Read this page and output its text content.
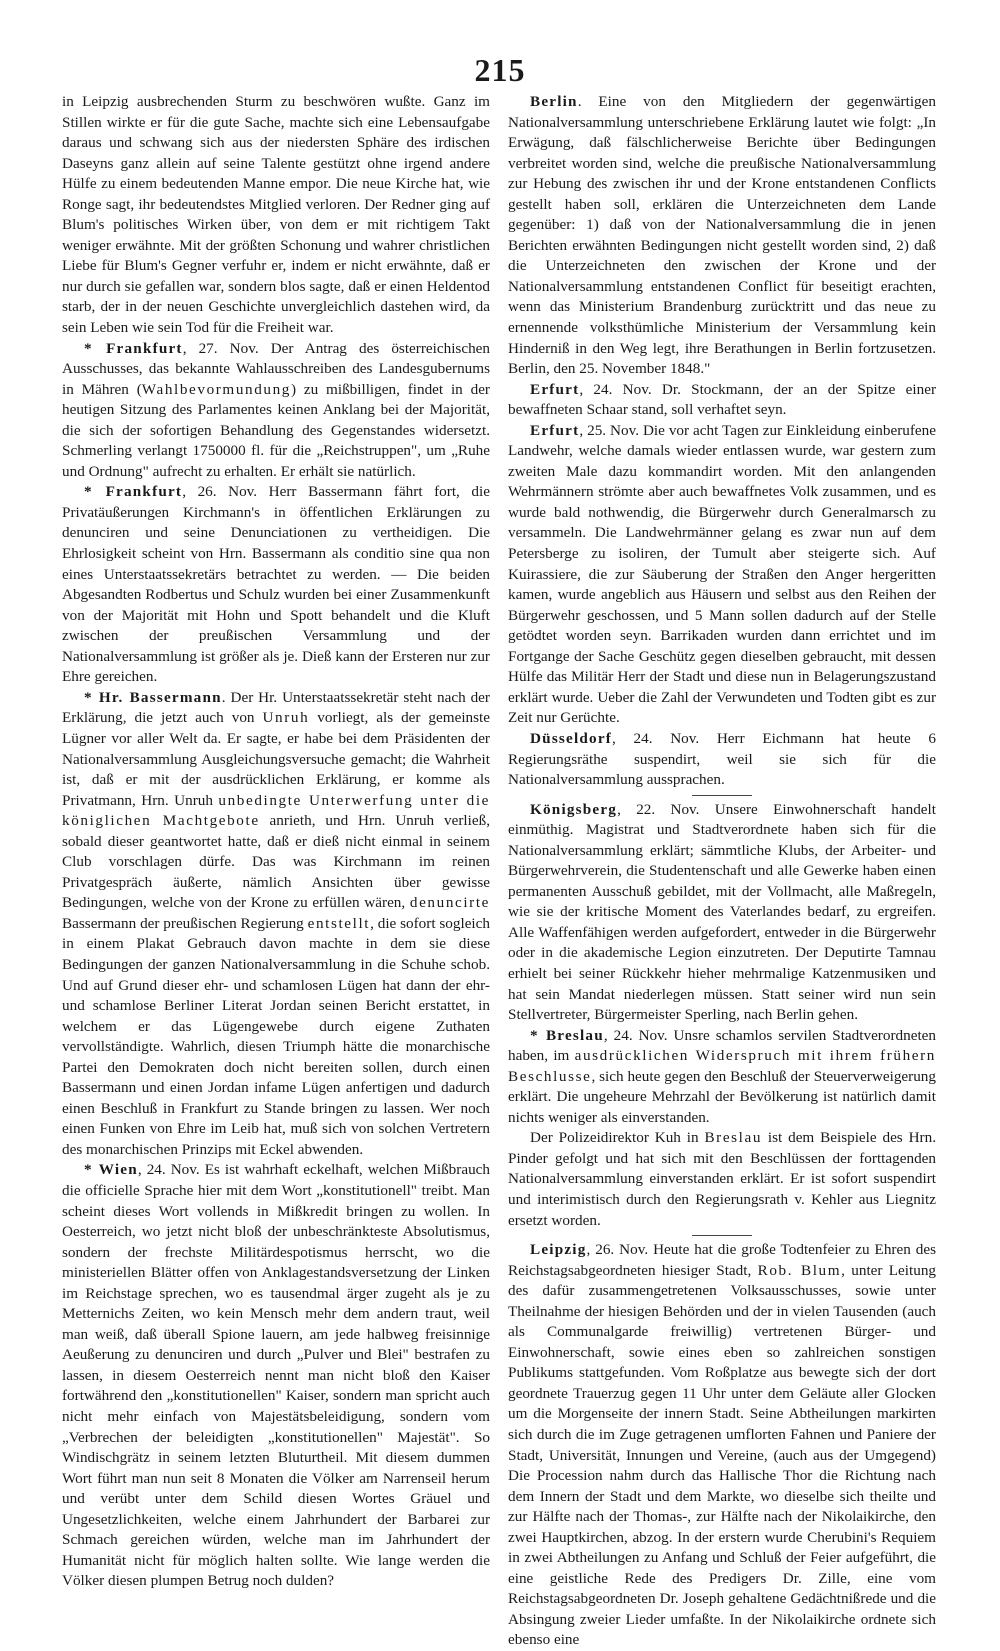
215

in Leipzig ausbrechenden Sturm zu beschwören wußte. Ganz im Stillen wirkte er für die gute Sache, machte sich eine Lebensaufgabe daraus und schwang sich aus der niedersten Sphäre des irdischen Daseyns ganz allein auf seine Talente gestützt ohne irgend andere Hülfe zu einem bedeutenden Manne empor. Die neue Kirche hat, wie Ronge sagt, ihr bedeutendstes Mitglied verloren. Der Redner ging auf Blum's politisches Wirken über, von dem er mit richtigem Takt weniger erwähnte. Mit der größten Schonung und wahrer christlichen Liebe für Blum's Gegner verfuhr er, indem er nicht erwähnte, daß er nur durch sie gefallen war, sondern blos sagte, daß er einen Heldentod starb, der in der neuen Geschichte unvergleichlich dastehen wird, da sein Leben wie sein Tod für die Freiheit war.

* Frankfurt, 27. Nov. Der Antrag des österreichischen Ausschusses, das bekannte Wahlausschreiben des Landesgubernums in Mähren (Wahlbevormundung) zu mißbilligen, findet in der heutigen Sitzung des Parlamentes keinen Anklang bei der Majorität, die sich der sofortigen Behandlung des Gegenstandes widersetzt. Schmerling verlangt 1750000 fl. für die „Reichstruppen", um „Ruhe und Ordnung" aufrecht zu erhalten. Er erhält sie natürlich.

* Frankfurt, 26. Nov. Herr Bassermann fährt fort, die Privatäußerungen Kirchmann's in öffentlichen Erklärungen zu denunciren und seine Denunciationen zu vertheidigen. Die Ehrlosigkeit scheint von Hrn. Bassermann als conditio sine qua non eines Unterstaatssekretärs betrachtet zu werden. — Die beiden Abgesandten Rodbertus und Schulz wurden bei einer Zusammenkunft von der Majorität mit Hohn und Spott behandelt und die Kluft zwischen der preußischen Versammlung und der Nationalversammlung ist größer als je. Dieß kann der Ersteren nur zur Ehre gereichen.

* Hr. Bassermann. Der Hr. Unterstaatssekretär steht nach der Erklärung, die jetzt auch von Unruh vorliegt, als der gemeinste Lügner vor aller Welt da. Er sagte, er habe bei dem Präsidenten der Nationalversammlung Ausgleichungsversuche gemacht; die Wahrheit ist, daß er mit der ausdrücklichen Erklärung, er komme als Privatmann, Hrn. Unruh unbedingte Unterwerfung unter die königlichen Machtgebote anrieth, und Hrn. Unruh verließ, sobald dieser geantwortet hatte, daß er dieß nicht einmal in seinem Club vorschlagen dürfe. Das was Kirchmann im reinen Privatgespräch äußerte, nämlich Ansichten über gewisse Bedingungen, welche von der Krone zu erfüllen wären, denuncirte Bassermann der preußischen Regierung entstellt, die sofort sogleich in einem Plakat Gebrauch davon machte in dem sie diese Bedingungen der ganzen Nationalversammlung in die Schuhe schob. Und auf Grund dieser ehr- und schamlosen Lügen hat dann der ehr- und schamlose Berliner Literat Jordan seinen Bericht erstattet, in welchem er das Lügengewebe durch eigene Zuthaten vervollständigte. Wahrlich, diesen Triumph hätte die monarchische Partei den Demokraten doch nicht bereiten sollen, durch einen Bassermann und einen Jordan infame Lügen anfertigen und dadurch einen Beschluß in Frankfurt zu Stande bringen zu lassen. Wer noch einen Funken von Ehre im Leib hat, muß sich von solchen Vertretern des monarchischen Prinzips mit Eckel abwenden.

* Wien, 24. Nov. Es ist wahrhaft eckelhaft, welchen Mißbrauch die officielle Sprache hier mit dem Wort „konstitutionell" treibt. Man scheint dieses Wort vollends in Mißkredit bringen zu wollen. In Oesterreich, wo jetzt nicht bloß der unbeschränkteste Absolutismus, sondern der frechste Militärdespotismus herrscht, wo die ministeriellen Blätter offen von Anklagestandsversetzung der Linken im Reichstage sprechen, wo es tausendmal ärger zugeht als je zu Metternichs Zeiten, wo kein Mensch mehr dem andern traut, weil man weiß, daß überall Spione lauern, am jede halbweg freisinnige Aeußerung zu denunciren und durch „Pulver und Blei" bestrafen zu lassen, in diesem Oesterreich nennt man nicht bloß den Kaiser fortwährend den „konstitutionellen" Kaiser, sondern man spricht auch nicht mehr einfach von Majestätsbeleidigung, sondern vom „Verbrechen der beleidigten „konstitutionellen" Majestät". So Windischgrätz in seinem letzten Bluturtheil. Mit diesem dummen Wort führt man nun seit 8 Monaten die Völker am Narrenseil herum und verübt unter dem Schild diesen Wortes Gräuel und Ungesetzlichkeiten, welche einem Jahrhundert der Barbarei zur Schmach gereichen würden, welche man im Jahrhundert der Humanität nicht für möglich halten sollte. Wie lange werden die Völker diesen plumpen Betrug noch dulden?

Berlin. Eine von den Mitgliedern der gegenwärtigen Nationalversammlung unterschriebene Erklärung lautet wie folgt: „In Erwägung, daß fälschlicherweise Berichte über Bedingungen verbreitet worden sind, welche die preußische Nationalversammlung zur Hebung des zwischen ihr und der Krone entstandenen Conflicts gestellt haben soll, erklären die Unterzeichneten dem Lande gegenüber: 1) daß von der Nationalversammlung die in jenen Berichten erwähnten Bedingungen nicht gestellt worden sind, 2) daß die Unterzeichneten den zwischen der Krone und der Nationalversammlung entstandenen Conflict für beseitigt erachten, wenn das Ministerium Brandenburg zurücktritt und das neue zu ernennende volksthümliche Ministerium der Versammlung kein Hinderniß in den Weg legt, ihre Berathungen in Berlin fortzusetzen. Berlin, den 25. November 1848."

Erfurt, 24. Nov. Dr. Stockmann, der an der Spitze einer bewaffneten Schaar stand, soll verhaftet seyn.

Erfurt, 25. Nov. Die vor acht Tagen zur Einkleidung einberufene Landwehr, welche damals wieder entlassen wurde, war gestern zum zweiten Male dazu kommandirt worden. Mit den anlangenden Wehrmännern strömte aber auch bewaffnetes Volk zusammen, und es wurde bald nothwendig, die Bürgerwehr durch Generalmarsch zu versammeln. Die Landwehrmänner gelang es zwar nun auf dem Petersberge zu isoliren, der Tumult aber steigerte sich. Auf Kuirassiere, die zur Säuberung der Straßen den Anger hergeritten kamen, wurde angeblich aus Häusern und selbst aus den Reihen der Bürgerwehr geschossen, und 5 Mann sollen dadurch auf der Stelle getödtet worden seyn. Barrikaden wurden dann errichtet und im Fortgange der Sache Geschütz gegen dieselben gebraucht, mit dessen Hülfe das Militär Herr der Stadt und diese nun in Belagerungszustand erklärt wurde. Ueber die Zahl der Verwundeten und Todten gibt es zur Zeit nur Gerüchte.

Düsseldorf, 24. Nov. Herr Eichmann hat heute 6 Regierungsräthe suspendirt, weil sie sich für die Nationalversammlung aussprachen.

Königsberg, 22. Nov. Unsere Einwohnerschaft handelt einmüthig. Magistrat und Stadtverordnete haben sich für die Nationalversammlung erklärt; sämmtliche Klubs, der Arbeiter- und Bürgerwehrverein, die Studentenschaft und alle Gewerke haben einen permanenten Ausschuß gebildet, mit der Vollmacht, alle Maßregeln, wie sie der kritische Moment des Vaterlandes bedarf, zu ergreifen. Alle Waffenfähigen werden aufgefordert, entweder in die Bürgerwehr oder in die akademische Legion einzutreten. Der Deputirte Tamnau erhielt bei seiner Rückkehr hieher mehrmalige Katzenmusiken und hat sein Mandat niederlegen müssen. Statt seiner wird nun sein Stellvertreter, Bürgermeister Sperling, nach Berlin gehen.

* Breslau, 24. Nov. Unsre schamlos servilen Stadtverordneten haben, im ausdrücklichen Widerspruch mit ihrem frühern Beschlusse, sich heute gegen den Beschluß der Steuerverweigerung erklärt. Die ungeheure Mehrzahl der Bevölkerung ist natürlich damit nichts weniger als einverstanden.

Der Polizeidirektor Kuh in Breslau ist dem Beispiele des Hrn. Pinder gefolgt und hat sich mit den Beschlüssen der forttagenden Nationalversammlung einverstanden erklärt. Er ist sofort suspendirt und interimistisch durch den Regierungsrath v. Kehler aus Liegnitz ersetzt worden.

Leipzig, 26. Nov. Heute hat die große Todtenfeier zu Ehren des Reichstagsabgeordneten hiesiger Stadt, Rob. Blum, unter Leitung des dafür zusammengetretenen Volksausschusses, sowie unter Theilnahme der hiesigen Behörden und der in vielen Tausenden (auch als Communalgarde freiwillig) vertretenen Bürger- und Einwohnerschaft, sowie eines eben so zahlreichen sonstigen Publikums stattgefunden. Vom Roßplatze aus bewegte sich der dort geordnete Trauerzug gegen 11 Uhr unter dem Geläute aller Glocken um die Morgenseite der innern Stadt. Seine Abtheilungen markirten sich durch die im Zuge getragenen umflorten Fahnen und Paniere der Stadt, Universität, Innungen und Vereine, (auch aus der Umgegend) Die Procession nahm durch das Hallische Thor die Richtung nach dem Innern der Stadt und dem Markte, wo dieselbe sich theilte und zur Hälfte nach der Thomas-, zur Hälfte nach der Nikolaikirche, den zwei Hauptkirchen, abzog. In der erstern wurde Cherubini's Requiem in zwei Abtheilungen zu Anfang und Schluß der Feier aufgeführt, die eine geistliche Rede des Predigers Dr. Zille, eine vom Reichstagsabgeordneten Dr. Joseph gehaltene Gedächtnißrede und die Absingung zweier Lieder umfaßte. In der Nikolaikirche ordnete sich ebenso eine
